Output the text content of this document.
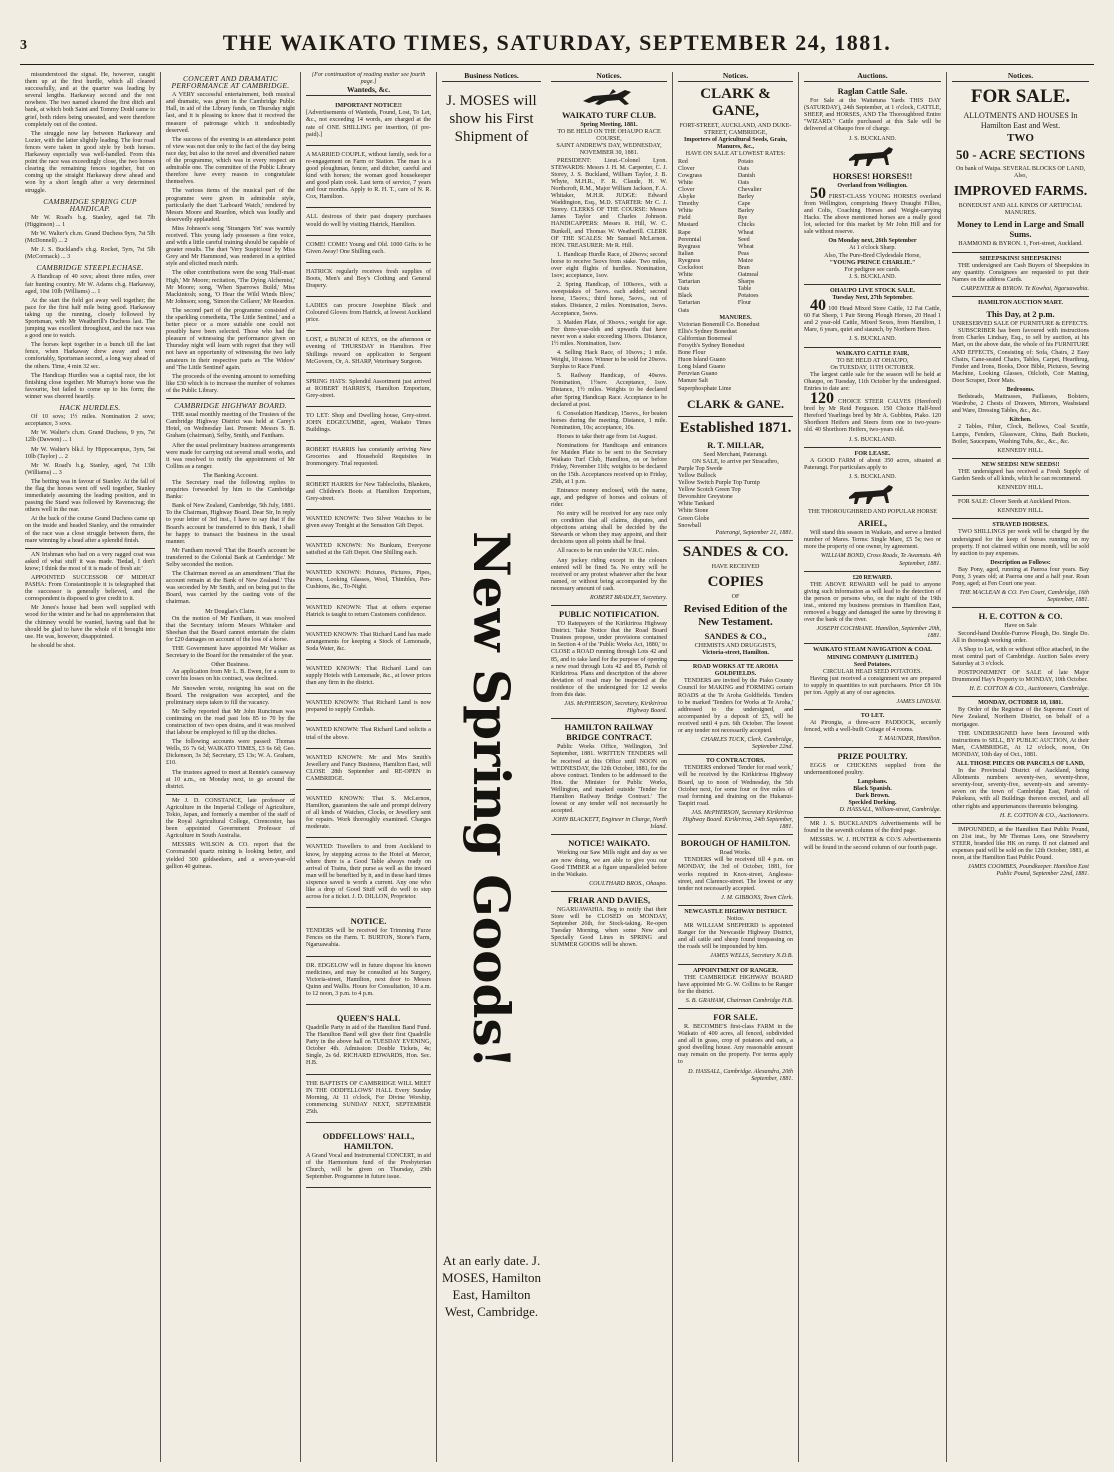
3	THE WAIKATO TIMES, SATURDAY, SEPTEMBER 24, 1881.

misunderstood the signal. He, however, caught them up at the first hurdle, which all cleared successfully, and at the quarter was leading by several lengths. Harkaway second and the rest nowhere. The two named cleared the first ditch and bank, at which both Saint and Tommy Dodd came to grief, both riders being unseated, and were therefore completely out of the contest.

The struggle now lay between Harkaway and Lozier, with the latter slightly leading. The four road fences were taken in good style by both horses. Harkaway especially was well-handled. From this point the race was exceedingly close, the two horses clearing the remaining fences together, but on coming up the straight Harkaway drew ahead and won by a short length after a very determined struggle.

CAMBRIDGE SPRING CUP HANDICAP.

Mr W. Road's b.g. Stanley, aged 6st 7lb (Higginson) ... 1

Mr W. Walter's ch.m. Grand Duchess 9yrs, 7st 5lb (McDonnell) ... 2

Mr J. S. Buckland's ch.g. Rocket, 5yrs, 7st 5lb (McCormack) ... 3

CAMBRIDGE STEEPLECHASE.

A Handicap of 40 sovs; about three miles, over fair hunting country. Mr W. Adams ch.g. Harkaway, aged, 10st 10lb (Williams) ... 1

At the start the field got away well together; the pace for the first half mile being good. Harkaway taking up the running, closely followed by Sportsman, with Mr Weatherill's Duchess last. The jumping was excellent throughout, and the race was a good one to watch.

The horses kept together in a bunch till the last fence, when Harkaway drew away and won comfortably, Sportsman second, a long way ahead of the others. Time, 4 min 32 sec.

The Handicap Hurdles was a capital race, the lot finishing close together. Mr Murray's horse was the favourite, but failed to come up to his form; the winner was cheered heartily.

HACK HURDLES.

Of 10 sovs; 1½ miles. Nomination 2 sovs; acceptance, 3 sovs.

Mr W. Walter's ch.m. Grand Duchess, 9 yrs, 7st 12lb (Dawson) ... 1

Mr W. Walter's blk.f. by Hippocampus, 3yrs, 5st 10lb (Taylor) ... 2

Mr W. Road's b.g. Stanley, aged, 7st 13lb (Williams) ... 3

The betting was in favour of Stanley. At the fall of the flag the horses went off well together, Stanley immediately assuming the leading position, and in passing the Stand was followed by Ravenscrag; the others well in the rear.

At the back of the course Grand Duchess came up on the inside and headed Stanley, and the remainder of the race was a close struggle between them, the mare winning by a head after a splendid finish.

AN Irishman who had on a very ragged coat was asked of what stuff it was made. 'Bedad, I don't know; I think the most of it is made of fresh air.'

APPOINTED SUCCESSOR OF MIDHAT PASHA: From Constantinople it is telegraphed that the successor is generally believed, and the correspondent is disposed to give credit to it.

Mr Jones's house had been well supplied with wood for the winter and he had no apprehension that the chimney would be wanted, having said that he should be glad to have the whole of it brought into use. He was, however, disappointed.

he should be shot.

CONCERT AND DRAMATIC PERFORMANCE AT CAMBRIDGE.

A VERY successful entertainment, both musical and dramatic, was given in the Cambridge Public Hall, in aid of the Library funds, on Thursday night last, and it is pleasing to know that it received the measure of patronage which it undoubtedly deserved.

The success of the evening is an attendance point of view was not due only to the fact of the day being race day, but also to the novel and diversified nature of the programme, which was in every respect an admirable one. The committee of the Public Library therefore have every reason to congratulate themselves.

The various items of the musical part of the programme were given in admirable style, particularly the duet 'Larboard Watch,' rendered by Messrs Moore and Reardon, which was loudly and deservedly applauded.

Miss Johnson's song 'Strangers Yet' was warmly received. This young lady possesses a fine voice, and with a little careful training should be capable of greater results. The duet 'Very Suspicious' by Miss Grey and Mr Hammond, was rendered in a spirited style and elicited much mirth.

The other contributions were the song 'Half-mast High,' Mr Moore; recitation, 'The Dying Alchemist,' Mr Moore; song, 'When Sparrows Build,' Miss Mackintosh; song, 'O Hear the Wild Winds Blow,' Mr Johnson; song, 'Simon the Cellarer,' Mr Reardon.

The second part of the programme consisted of the sparkling comedietta, 'The Little Sentinel,' and a better piece or a more suitable one could not possibly have been selected. Those who had the pleasure of witnessing the performance given on Thursday night will learn with regret that they will not have an opportunity of witnessing the two lady amateurs in their respective parts as 'The Widow' and 'The Little Sentinel' again.

The proceeds of the evening amount to something like £30 which is to increase the number of volumes of the Public Library.

CAMBRIDGE HIGHWAY BOARD.

THE usual monthly meeting of the Trustees of the Cambridge Highway District was held at Carey's Hotel, on Wednesday last. Present: Messrs S. B. Graham (chairman), Selby, Smith, and Fantham.

After the usual preliminary business arrangements were made for carrying out several small works, and it was resolved to notify the appointment of Mr Collins as a ranger.

The Banking Account.

The Secretary read the following replies to enquiries forwarded by him to the Cambridge Banks:

Bank of New Zealand, Cambridge, 5th July, 1881. To the Chairman, Highway Board. Dear Sir, In reply to your letter of 3rd inst., I have to say that if the Board's account be transferred to this Bank, I shall be happy to transact the business in the usual manner.

Mr Fantham moved 'That the Board's account be transferred to the Colonial Bank at Cambridge.' Mr Selby seconded the motion.

The Chairman moved as an amendment 'That the account remain at the Bank of New Zealand.' This was seconded by Mr Smith, and on being put to the Board, was carried by the casting vote of the chairman.

Mr Douglas's Claim.

On the motion of Mr Fantham, it was resolved that the Secretary inform Messrs Whitaker and Sheehan that the Board cannot entertain the claim for £20 damages on account of the loss of a horse.

THE Government have appointed Mr Walker as Secretary to the Board for the remainder of the year.

Other Business.

An application from Mr L. B. Ewen, for a sum to cover his losses on his contract, was declined.

Mr Snowden wrote, resigning his seat on the Board. The resignation was accepted, and the preliminary steps taken to fill the vacancy.

Mr Selby reported that Mr John Runciman was continuing on the road past lots 85 to 70 by the construction of two open drains, and it was resolved that labour be employed to fill up the ditches.

The following accounts were passed: Thomas Wells, £6 7s 6d; WAIKATO TIMES, £3 6s 6d; Geo. Dickenson, 3s 3d; Secretary, £5 13s; W. A. Graham, £10.

The trustees agreed to meet at Rennie's causeway at 10 a.m., on Monday next, to go around the district.

Mr J. D. CONSTANCE, late professor of Agriculture in the Imperial College of Agriculture, Tokio, Japan, and formerly a member of the staff of the Royal Agricultural College, Cirencester, has been appointed Government Professor of Agriculture in South Australia.

MESSRS WILSON & CO. report that the Coromandel quartz mining is looking better, and yielded 300 goldseekers, and a seven-year-old gallion 40 guineas.

[For continuation of reading matter see fourth page.]
Wanteds, &c.
IMPORTANT NOTICE!!

[Advertisements of Wanteds, Found, Lost, To Let, &c., not exceeding 14 words, are charged at the rate of ONE SHILLING per insertion, (if pre-paid).]

A MARRIED COUPLE, without family, seek for a re-engagement on Farm or Station. The man is a good ploughman, fencer, and ditcher, careful and kind with horses; the woman good housekeeper and good plain cook. Last term of service, 7 years and four months. Apply to R. H. T., care of N. R. Cox, Hamilton.

ALL desirous of their past drapery purchases would do well by visiting Hatrick, Hamilton.

COME! COME! Young and Old. 1000 Gifts to be Given Away! One Shilling each.

HATRICK regularly receives fresh supplies of Boots, Men's and Boy's Clothing and General Drapery.

LADIES can procure Josephine Black and Coloured Gloves from Hatrick, at lowest Auckland price.

LOST, a BUNCH of KEYS, on the afternoon or evening of THURSDAY in Hamilton. Five Shillings reward on application to Sergeant McGovern, Or, A. SHARP, Veterinary Surgeon.

SPRING HATS: Splendid Assortment just arrived at ROBERT HARRIS'S, Hamilton Emporium, Grey-street.

TO LET: Shop and Dwelling house, Grey-street. JOHN EDGECUMBE, agent, Waikato Times Buildings.

ROBERT HARRIS has constantly arriving New Groceries and Household Requisites in Ironmongery. Trial requested.

ROBERT HARRIS for New Tablecloths, Blankets, and Children's Boots at Hamilton Emporium, Grey-street.

WANTED KNOWN: Two Silver Watches to be given away Tonight at the Sensation Gift Depot.

WANTED KNOWN: No Bunkum, Everyone satisfied at the Gift Depot. One Shilling each.

WANTED KNOWN: Pictures, Pictures, Pipes, Purses, Looking Glasses, Wool, Thimbles, Pen-Cushions, &c., To-Night.

WANTED KNOWN: That at others expense Hatrick is taught to return Customers confidence.

WANTED KNOWN: That Richard Land has made arrangements for keeping a Stock of Lemonade, Soda Water, &c.

WANTED KNOWN: That Richard Land can supply Hotels with Lemonade, &c., at lower prices than any firm in the district.

WANTED KNOWN: That Richard Land is now prepared to supply Cordials.

WANTED KNOWN: That Richard Land solicits a trial of the above.

WANTED KNOWN: Mr and Mrs Smith's Jewellery and Fancy Business, Hamilton East, will CLOSE 28th September and RE-OPEN in CAMBRIDGE.

WANTED KNOWN: That S. McLernon, Hamilton, guarantees the safe and prompt delivery of all kinds of Watches, Clocks, or Jewellery sent for repairs. Work thoroughly examined. Charges moderate.

WANTED: Travellers to and from Auckland to know, by stepping across to the Hotel at Mercer, where there is a Good Table always ready on arrival of Trains, their purse as well as the inward man will be benefited by it, and in these hard times sixpence saved is worth a current. Any one who like a drop of Good Stuff will do well to step across for a ticket. J. D. DILLON, Proprietor.

NOTICE.

TENDERS will be received for Trimming Furze Fences on the Farm. T. BURTON, Stone's Farm, Ngaruawahia.

DR. EDGELOW will in future dispose his known medicines, and may be consulted at his Surgery, Victoria-street, Hamilton, next door to Messrs Quinn and Wallis. Hours for Consultation, 10 a.m. to 12 noon, 3 p.m. to 4 p.m.

QUEEN'S HALL

Quadrille Party in aid of the Hamilton Band Fund. The Hamilton Band will give their first Quadrille Party in the above hall on TUESDAY EVENING, October 4th. Admission: Double Tickets, 4s; Single, 2s 6d. RICHARD EDWARDS, Hon. Sec. H.B.

THE BAPTISTS OF CAMBRIDGE WILL MEET IN THE ODDFELLOWS' HALL Every Sunday Morning, At 11 o'clock, For Divine Worship, commencing SUNDAY NEXT, SEPTEMBER 25th.

ODDFELLOWS' HALL, HAMILTON.

A Grand Vocal and Instrumental CONCERT, in aid of the Harmonium fund of the Presbyterian Church, will be given on Thursday, 29th September. Programme in future issue.

Business Notices.
J. MOSES will show his First Shipment of
At an early date. J. MOSES, Hamilton East, Hamilton West, Cambridge.
New Spring Goods!
Notices.
WAIKATO TURF CLUB.
Spring Meeting, 1881.
TO BE HELD ON THE OHAUPO RACE COURSE,
SAINT ANDREW'S DAY, WEDNESDAY, NOVEMBER 30, 1881.

PRESIDENT: Lieut.-Colonel Lyon. STEWARDS: Messrs J. H. M. Carpenter, C. J. Storey, J. S. Buckland, William Taylor, J. B. Whyte, M.H.R., F. R. Claude, H. W. Northcroft, R.M., Major William Jackson, F. A. Whitaker, M.H.R. JUDGE: Edward Waddington, Esq., M.D. STARTER: Mr C. J. Storey. CLERKS OF THE COURSE: Messrs James Taylor and Charles Johnson. HANDICAPPERS: Messrs R. Hill, W. C. Bunkell, and Thomas W. Weatherill. CLERK OF THE SCALES: Mr Samuel McLernon. HON. TREASURER: Mr R. Hill.

1. Handicap Hurdle Race, of 20sovs; second horse to receive 5sovs from stake. Two miles, over eight flights of hurdles. Nomination, 1sov; acceptance, 1sov.

2. Spring Handicap, of 100sovs., with a sweepstakes of 5sovs. each added; second horse, 15sovs.; third horse, 5sovs., out of stakes. Distance, 2 miles. Nomination, 3sovs. Acceptance, 5sovs.

3. Maiden Plate, of 30sovs.; weight for age. For three-year-olds and upwards that have never won a stake exceeding 10sovs. Distance, 1½ miles. Nomination, 1sov.

4. Selling Hack Race, of 10sovs.; 1 mile. Weight, 10 stone. Winner to be sold for 20sovs. Surplus to Race Fund.

5. Railway Handicap, of 40sovs. Nomination, 1½sov. Acceptance, 1sov. Distance, 1½ miles. Weights to be declared after Spring Handicap Race. Acceptance to be declared at post.

6. Consolation Handicap, 15sovs., for beaten horses during the meeting. Distance, 1 mile. Nomination, 10s; acceptance, 10s.

Horses to take their age from 1st August.

Nominations for Handicaps and entrances for Maiden Plate to be sent to the Secretary Waikato Turf Club, Hamilton, on or before Friday, November 11th; weights to be declared on the 15th. Acceptances received up to Friday, 25th, at 1 p.m.

Entrance money enclosed, with the name, age, and pedigree of horses and colours of rider.

No entry will be received for any race only on condition that all claims, disputes, and objections arising shall be decided by the Stewards or whom they may appoint, and their decisions upon all points shall be final.

All races to be run under the V.R.C. rules.

Any jockey riding except in the colours entered will be fined 5s. No entry will be received or any protest whatever after the hour named, or without being accompanied by the necessary amount of cash.

ROBERT BRADLEY, Secretary.
PUBLIC NOTIFICATION.

TO Ratepayers of the Kirikiriroa Highway District. Take Notice that the Road Board Trustees propose, under provisions contained in Section 4 of the 'Public Works Act, 1880,' to CLOSE a ROAD running through Lots 42 and 85, and to take land for the purpose of opening a new road through Lots 42 and 85, Parish of Kirikiriroa. Plans and description of the above deviation of road may be inspected at the residence of the undersigned for 12 weeks from this date.

JAS. McPHERSON, Secretary, Kirikiriroa Highway Board.
HAMILTON RAILWAY BRIDGE CONTRACT.

Public Works Office, Wellington, 3rd September, 1881. WRITTEN TENDERS will be received at this Office until NOON on WEDNESDAY, the 12th October, 1881, for the above contract. Tenders to be addressed to the Hon. the Minister for Public Works, Wellington, and marked outside 'Tender for Hamilton Railway Bridge Contract.' The lowest or any tender will not necessarily be accepted.

JOHN BLACKETT, Engineer in Charge, North Island.
NOTICE! WAIKATO.

Working our Saw Mills night and day as we are now doing, we are able to give you our Good TIMBER at a figure unparalleled before in the Waikato.

COULTHARD BROS., Ohaupo.
FRIAR AND DAVIES,

NGARUAWAHIA. Beg to notify that their Store will be CLOSED on MONDAY, September 26th, for Stock-taking. Re-open Tuesday Morning, when some New and Specially Good Lines in SPRING and SUMMER GOODS will be shown.

Notices.
CLARK & GANE,
FORT-STREET, AUCKLAND, AND DUKE-STREET, CAMBRIDGE,
Importers of Agricultural Seeds, Grain, Manures, &c.,
HAVE ON SALE AT LOWEST RATES:
Red Clover
Cowgrass
White Clover
Alsyke
Timothy
White Field Mustard
Rape
Perennial Ryegrass
Italian Ryegrass
Cocksfoot
White Tartarian Oats
Black Tartarian Oats
Potato Oats
Danish Oats
Chevalier Barley
Cape Barley
Rye
Chicks Wheat
Seed Wheat
Peas
Maize
Bran
Oatmeal
Sharps
Table Potatoes
Flour
MANURES.
Victorian Bonemill Co. Bonedust
Ellis's Sydney Bonedust
Californian Bonemeal
Forsyth's Sydney Bonedust
Bone Flour
Huon Island Guano
Long Island Guano
Peruvian Guano
Manure Salt
Superphosphate Lime
CLARK & GANE.
Established 1871.
R. T. MILLAR,
Seed Merchant, Paterangi.
ON SALE, to arrive per Stracathro,
Purple Top Swede
Yellow Bullock
Yellow Switch Purple Top Turnip
Yellow Scotch Green Top
Devonshire Greystone
White Tankard
White Stone
Green Globe
Snowball
Paterangi, September 21, 1881.
SANDES & CO.
HAVE RECEIVED
COPIES
OF
Revised Edition of the New Testament.
SANDES & CO.,
CHEMISTS AND DRUGGISTS,
Victoria-street, Hamilton.
ROAD WORKS AT TE AROHA GOLDFIELDS.

TENDERS are invited by the Piako County Council for MAKING and FORMING certain ROADS at the Te Aroha Goldfields. Tenders to be marked 'Tenders for Works at Te Aroha,' addressed to the undersigned, and accompanied by a deposit of £5, will be received until 4 p.m. 6th October. The lowest or any tender not necessarily accepted.

CHARLES TUCK, Clerk. Cambridge, September 22nd.
TO CONTRACTORS.

TENDERS endorsed 'Tender for road work,' will be received by the Kirikiriroa Highway Board, up to noon of Wednesday, the 5th October next, for some four or five miles of road forming and draining on the Hukanui-Taupiri road.

JAS. McPHERSON, Secretary Kirikiriroa Highway Board. Kirikiriroa, 24th September, 1881.
BOROUGH OF HAMILTON.
Road Works.

TENDERS will be received till 4 p.m. on MONDAY, the 3rd of October, 1881, for works required in Knox-street, Anglesea-street, and Clarence-street. The lowest or any tender not necessarily accepted.

J. M. GIBBONS, Town Clerk.
NEWCASTLE HIGHWAY DISTRICT.
Notice.

MR WILLIAM SHEPHERD is appointed Ranger for the Newcastle Highway District, and all cattle and sheep found trespassing on the roads will be impounded by him.

JAMES WELLS, Secretary N.D.B.
APPOINTMENT OF RANGER.

THE CAMBRIDGE HIGHWAY BOARD have appointed Mr G. W. Collins to be Ranger for the district.

S. B. GRAHAM, Chairman Cambridge H.B.
FOR SALE.

R. BECOMBE'S first-class FARM in the Waikato of 400 acres, all fenced, subdivided and all in grass, crop of potatoes and oats, a good dwelling house. Any reasonable amount may remain on the property. For terms apply to

D. HASSALL, Cambridge. Alexandra, 20th September, 1881.
Auctions.
Raglan Cattle Sale.

For Sale at the Waitetuna Yards THIS DAY (SATURDAY), 24th September, at 1 o'clock, CATTLE, SHEEP, and HORSES, AND The Thoroughbred Entire "WIZARD." Cattle purchased at this Sale will be delivered at Ohaupo free of charge.

J. S. BUCKLAND.
HORSES! HORSES!!
Overland from Wellington.

50 FIRST-CLASS YOUNG HORSES overland from Wellington, comprising Heavy Draught Fillies, and Colts, Coaching Horses and Weight-carrying Hacks. The above mentioned horses are a really good lot, selected for this market by Mr John Hill and for sale without reserve.

On Monday next, 26th September
At 1 o'clock Sharp.
Also, The Pure-Bred Clydesdale Horse,
"YOUNG PRINCE CHARLIE."
For pedigree see cards.
J. S. BUCKLAND.
OHAUPO LIVE STOCK SALE.
Tuesday Next, 27th September.

40 100 Head Mixed Store Cattle, 12 Fat Cattle, 60 Fat Sheep, 1 Pair Strong Plough Horses, 20 Head 1 and 2 year-old Cattle, Mixed Sexes, from Hamilton, 1 Mare, 6 years, quiet and staunch, by Northern Hero.

J. S. BUCKLAND.
WAIKATO CATTLE FAIR,
TO BE HELD AT OHAUPO,
On TUESDAY, 11TH OCTOBER.

The largest cattle sale for the season will be held at Ohaupo, on Tuesday, 11th October by the undersigned. Entries to date are:

120 CHOICE STEER CALVES (Hereford) bred by Mr Reid Ferguson. 150 Choice Half-bred Hereford Yearlings bred by Mr A. Gubbins, Piako. 120 Shorthorn Heifers and Steers from one to two-years-old. 40 Shorthorn Heifers, two-years old.

J. S. BUCKLAND.
FOR LEASE.

A GOOD FARM of about 350 acres, situated at Paterangi. For particulars apply to

J. S. BUCKLAND.
THE THOROUGHBRED AND POPULAR HORSE
ARIEL,

Will stand this season in Waikato, and serve a limited number of Mares. Terms: Single Mare, £5 5s; two or more the property of one owner, by agreement.

WILLIAM BOND, Cross Roads, Te Awamutu. 4th September, 1881.
£20 REWARD.

THE ABOVE REWARD will be paid to anyone giving such information as will lead to the detection of the person or persons who, on the night of the 19th inst., entered my business premises in Hamilton East, removed a buggy and damaged the same by throwing it over the bank of the river.

JOSEPH COCHRANE. Hamilton, September 20th, 1881.
WAIKATO STEAM NAVIGATION & COAL MINING COMPANY (LIMITED.)
Seed Potatoes.
CIRCULAR HEAD SEED POTATOES.

Having just received a consignment we are prepared to supply in quantities to suit purchasers. Price £8 10s per ton. Apply at any of our agencies.

JAMES LINDSAY.
TO LET.

At Pirongia, a three-acre PADDOCK, securely fenced, with a well-built Cottage of 4 rooms.

T. MAUNDER, Hamilton.
PRIZE POULTRY.

EGGS or CHICKENS supplied from the undermentioned poultry.

Langshans.
Black Spanish.
Dark Brown.
Speckled Dorking.
D. HASSALL, William-street, Cambridge.

MR J. S. BUCKLAND'S Advertisements will be found in the seventh column of the third page.

MESSRS. W. J. HUNTER & CO.'S Advertisements will be found in the second column of our fourth page.

Notices.
FOR SALE.
ALLOTMENTS AND HOUSES In Hamilton East and West.
TWO
50 - ACRE SECTIONS
On bank of Waipa. SEVERAL BLOCKS OF LAND, Also,
IMPROVED FARMS.
BONEDUST AND ALL KINDS OF ARTIFICIAL MANURES.
Money to Lend in Large and Small Sums.
HAMMOND & BYRON. 1, Fort-street, Auckland.
SHEEPSKINS! SHEEPSKINS!

THE undersigned are Cash Buyers of Sheepskins in any quantity. Consignees are requested to put their Names on the address Cards.

CARPENTER & BYRON. Te Kowhai, Ngaruawahia.
HAMILTON AUCTION MART.
This Day, at 2 p.m.
UNRESERVED SALE OF FURNITURE & EFFECTS.

SUBSCRIBER has been favoured with instructions from Charles Lindsay, Esq., to sell by auction, at his Mart, on the above date, the whole of his FURNITURE AND EFFECTS, Consisting of: Sofa, Chairs, 2 Easy Chairs, Cane-seated Chairs, Tables, Carpet, Hearthrug, Fender and Irons, Books, Door Bible, Pictures, Sewing Machine, Looking Glasses, Oilcloth, Coir Matting, Door Scraper, Door Mats.

Bedrooms.

Bedsteads, Mattrasses, Paillasses, Bolsters, Wardrobe, 2 Chests of Drawers, Mirrors, Washstand and Ware, Dressing Tables, &c., &c.

Kitchen.

2 Tables, Filter, Clock, Bellows, Coal Scuttle, Lamps, Fenders, Glassware, China, Bath Buckets, Boiler, Saucepans, Washing Tubs, &c., &c., &c.

KENNEDY HILL.
NEW SEEDS! NEW SEEDS!!

THE undersigned has received a Fresh Supply of Garden Seeds of all kinds, which he can recommend.

KENNEDY HILL.

FOR SALE: Clover Seeds at Auckland Prices.

KENNEDY HILL.
STRAYED HORSES.

TWO SHILLINGS per week will be charged by the undersigned for the keep of horses running on my property. If not claimed within one month, will be sold by auction to pay expenses.

Description as Follows:

Bay Pony, aged, running at Paeroa four years. Bay Pony, 3 years old; at Paeroa one and a half year. Roan Pony, aged; at Fen Court one year.

THE MACLEAN & CO. Fen Court, Cambridge, 16th September, 1881.
H. E. COTTON & CO.
Have on Sale

Second-hand Double-Furrow Plough, Do. Single Do. All in thorough working order.

A Shop to Let, with or without office attached, in the most central part of Cambridge. Auction Sales every Saturday at 3 o'clock.

POSTPONEMENT OF SALE of late Major Drummond Hay's Property to MONDAY, 10th October.

H. E. COTTON & CO., Auctioneers, Cambridge.
MONDAY, OCTOBER 10, 1881.

By Order of the Registrar of the Supreme Court of New Zealand, Northern District, on behalf of a mortgagee.

THE UNDERSIGNED have been favoured with instructions to SELL, BY PUBLIC AUCTION, At their Mart, CAMBRIDGE, At 12 o'clock, noon, On MONDAY, 10th day of Oct., 1881.

ALL THOSE PIECES OR PARCELS OF LAND,

In the Provincial District of Auckland, being Allotments numbers seventy-two, seventy-three, seventy-four, seventy-five, seventy-six and seventy-seven on the town of Cambridge East, Parish of Pukekura, with all Buildings thereon erected, and all other rights and appurtenances thereunto belonging.

H. E. COTTON & CO., Auctioneers.

IMPOUNDED, at the Hamilton East Public Pound, on 21st inst., by Mr Thomas Lees, one Strawberry STEER, branded like HK on rump. If not claimed and expenses paid will be sold on the 12th October, 1881, at noon, at the Hamilton East Public Pound.

JAMES COOMBES, Poundkeeper. Hamilton East Public Pound, September 22nd, 1881.
